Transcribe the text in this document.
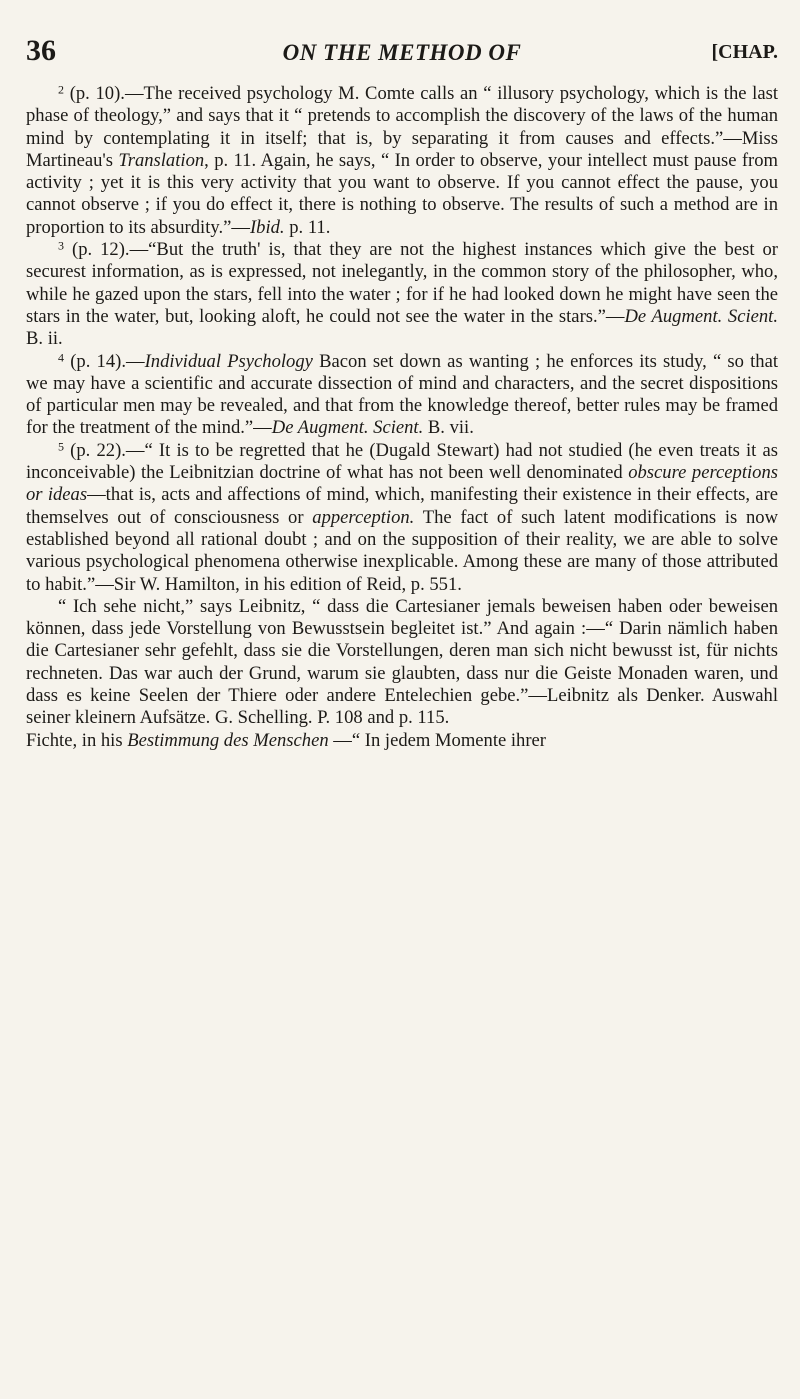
36	ON THE METHOD OF	[CHAP.

$^2$ (p. 10).—The received psychology M. Comte calls an “ illusory psychology, which is the last phase of theology,” and says that it “ pretends to accomplish the discovery of the laws of the human mind by contemplating it in itself; that is, by separating it from causes and effects.”—Miss Martineau's Translation, p. 11. Again, he says, “ In order to observe, your intellect must pause from activity ; yet it is this very activity that you want to observe. If you cannot effect the pause, you cannot observe ; if you do effect it, there is nothing to observe. The results of such a method are in proportion to its absurdity.”—Ibid. p. 11.

$^3$ (p. 12).—“But the truth' is, that they are not the highest instances which give the best or securest information, as is expressed, not inelegantly, in the common story of the philosopher, who, while he gazed upon the stars, fell into the water ; for if he had looked down he might have seen the stars in the water, but, looking aloft, he could not see the water in the stars.”—De Augment. Scient. B. ii.

$^4$ (p. 14).—Individual Psychology Bacon set down as wanting ; he enforces its study, “ so that we may have a scientific and accurate dissection of mind and characters, and the secret dispositions of particular men may be revealed, and that from the knowledge thereof, better rules may be framed for the treatment of the mind.”—De Augment. Scient. B. vii.

$^5$ (p. 22).—“ It is to be regretted that he (Dugald Stewart) had not studied (he even treats it as inconceivable) the Leibnitzian doctrine of what has not been well denominated obscure perceptions or ideas—that is, acts and affections of mind, which, manifesting their existence in their effects, are themselves out of consciousness or apperception. The fact of such latent modifications is now established beyond all rational doubt ; and on the supposition of their reality, we are able to solve various psychological phenomena otherwise inexplicable. Among these are many of those attributed to habit.”—Sir W. Hamilton, in his edition of Reid, p. 551.

“ Ich sehe nicht,” says Leibnitz, “ dass die Cartesianer jemals beweisen haben oder beweisen können, dass jede Vorstellung von Bewusstsein begleitet ist.” And again :—“ Darin nämlich haben die Cartesianer sehr gefehlt, dass sie die Vorstellungen, deren man sich nicht bewusst ist, für nichts rechneten. Das war auch der Grund, warum sie glaubten, dass nur die Geiste Monaden waren, und dass es keine Seelen der Thiere oder andere Entelechien gebe.”—Leibnitz als Denker. Auswahl seiner kleinern Aufsätze. G. Schelling. P. 108 and p. 115.

Fichte, in his Bestimmung des Menschen —“ In jedem Momente ihrer
